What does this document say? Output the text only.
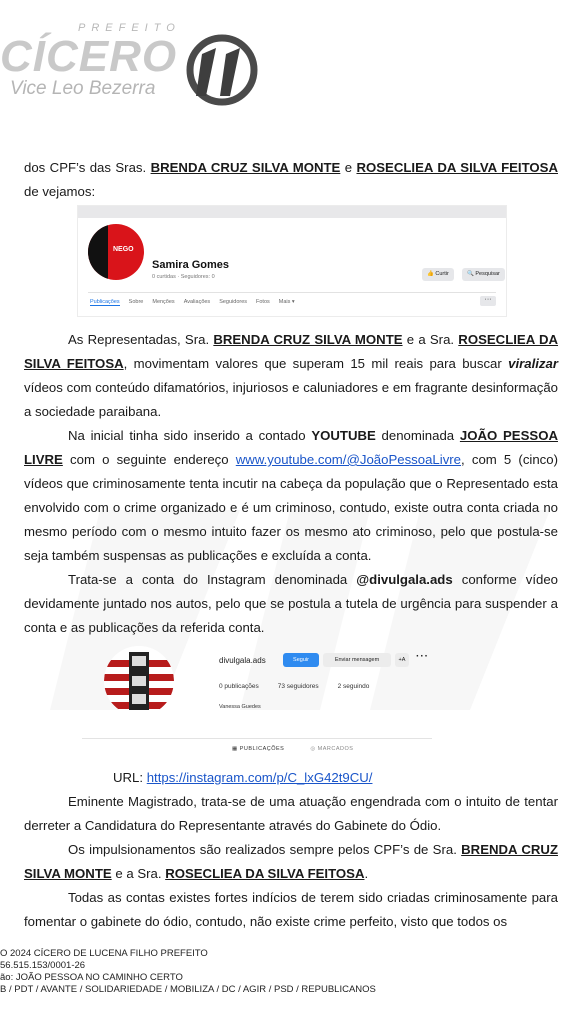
PREFEITO
CÍCERO
Vice Leo Bezerra

dos CPF’s das Sras. BRENDA CRUZ SILVA MONTE e ROSECLIEA DA SILVA FEITOSA de vejamos:

NEGO
Samira Gomes
0 curtidas · Seguidores: 0	👍 Curtir	🔍 Pesquisar
Publicações Sobre Menções Avaliações Seguidores Fotos Mais ▾	···

As Representadas, Sra. BRENDA CRUZ SILVA MONTE e a Sra. ROSECLIEA DA SILVA FEITOSA, movimentam valores que superam 15 mil reais para buscar viralizar vídeos com conteúdo difamatórios, injuriosos e caluniadores e em fragrante desinformação a sociedade paraibana.

Na inicial tinha sido inserido a contado YOUTUBE denominada JOÃO PESSOA LIVRE com o seguinte endereço www.youtube.com/@JoãoPessoaLivre, com 5 (cinco) vídeos que criminosamente tenta incutir na cabeça da população que o Representado esta envolvido com o crime organizado e é um criminoso, contudo, existe outra conta criada no mesmo período com o mesmo intuito fazer os mesmo ato criminoso, pelo que postula-se seja também suspensas as publicações e excluída a conta.

Trata-se a conta do Instagram denominada @divulgala.ads conforme vídeo devidamente juntado nos autos, pelo que se postula a tutela de urgência para suspender a conta e as publicações da referida conta.

divulgala.ads	Seguir	Enviar mensagem	+A	···
0 publicações	73 seguidores	2 seguindo
Vanessa Guedes
▦ PUBLICAÇÕES	◎ MARCADOS

URL: https://instagram.com/p/C_lxG42t9CU/

Eminente Magistrado, trata-se de uma atuação engendrada com o intuito de tentar derreter a Candidatura do Representante através do Gabinete do Ódio.

Os impulsionamentos são realizados sempre pelos CPF’s de Sra. BRENDA CRUZ SILVA MONTE e a Sra. ROSECLIEA DA SILVA FEITOSA.

Todas as contas existes fortes indícios de terem sido criadas criminosamente para fomentar o gabinete do ódio, contudo, não existe crime perfeito, visto que todos os

O 2024 CÍCERO DE LUCENA FILHO PREFEITO
56.515.153/0001-26
ão: JOÃO PESSOA NO CAMINHO CERTO
B / PDT / AVANTE / SOLIDARIEDADE / MOBILIZA / DC / AGIR / PSD / REPUBLICANOS
